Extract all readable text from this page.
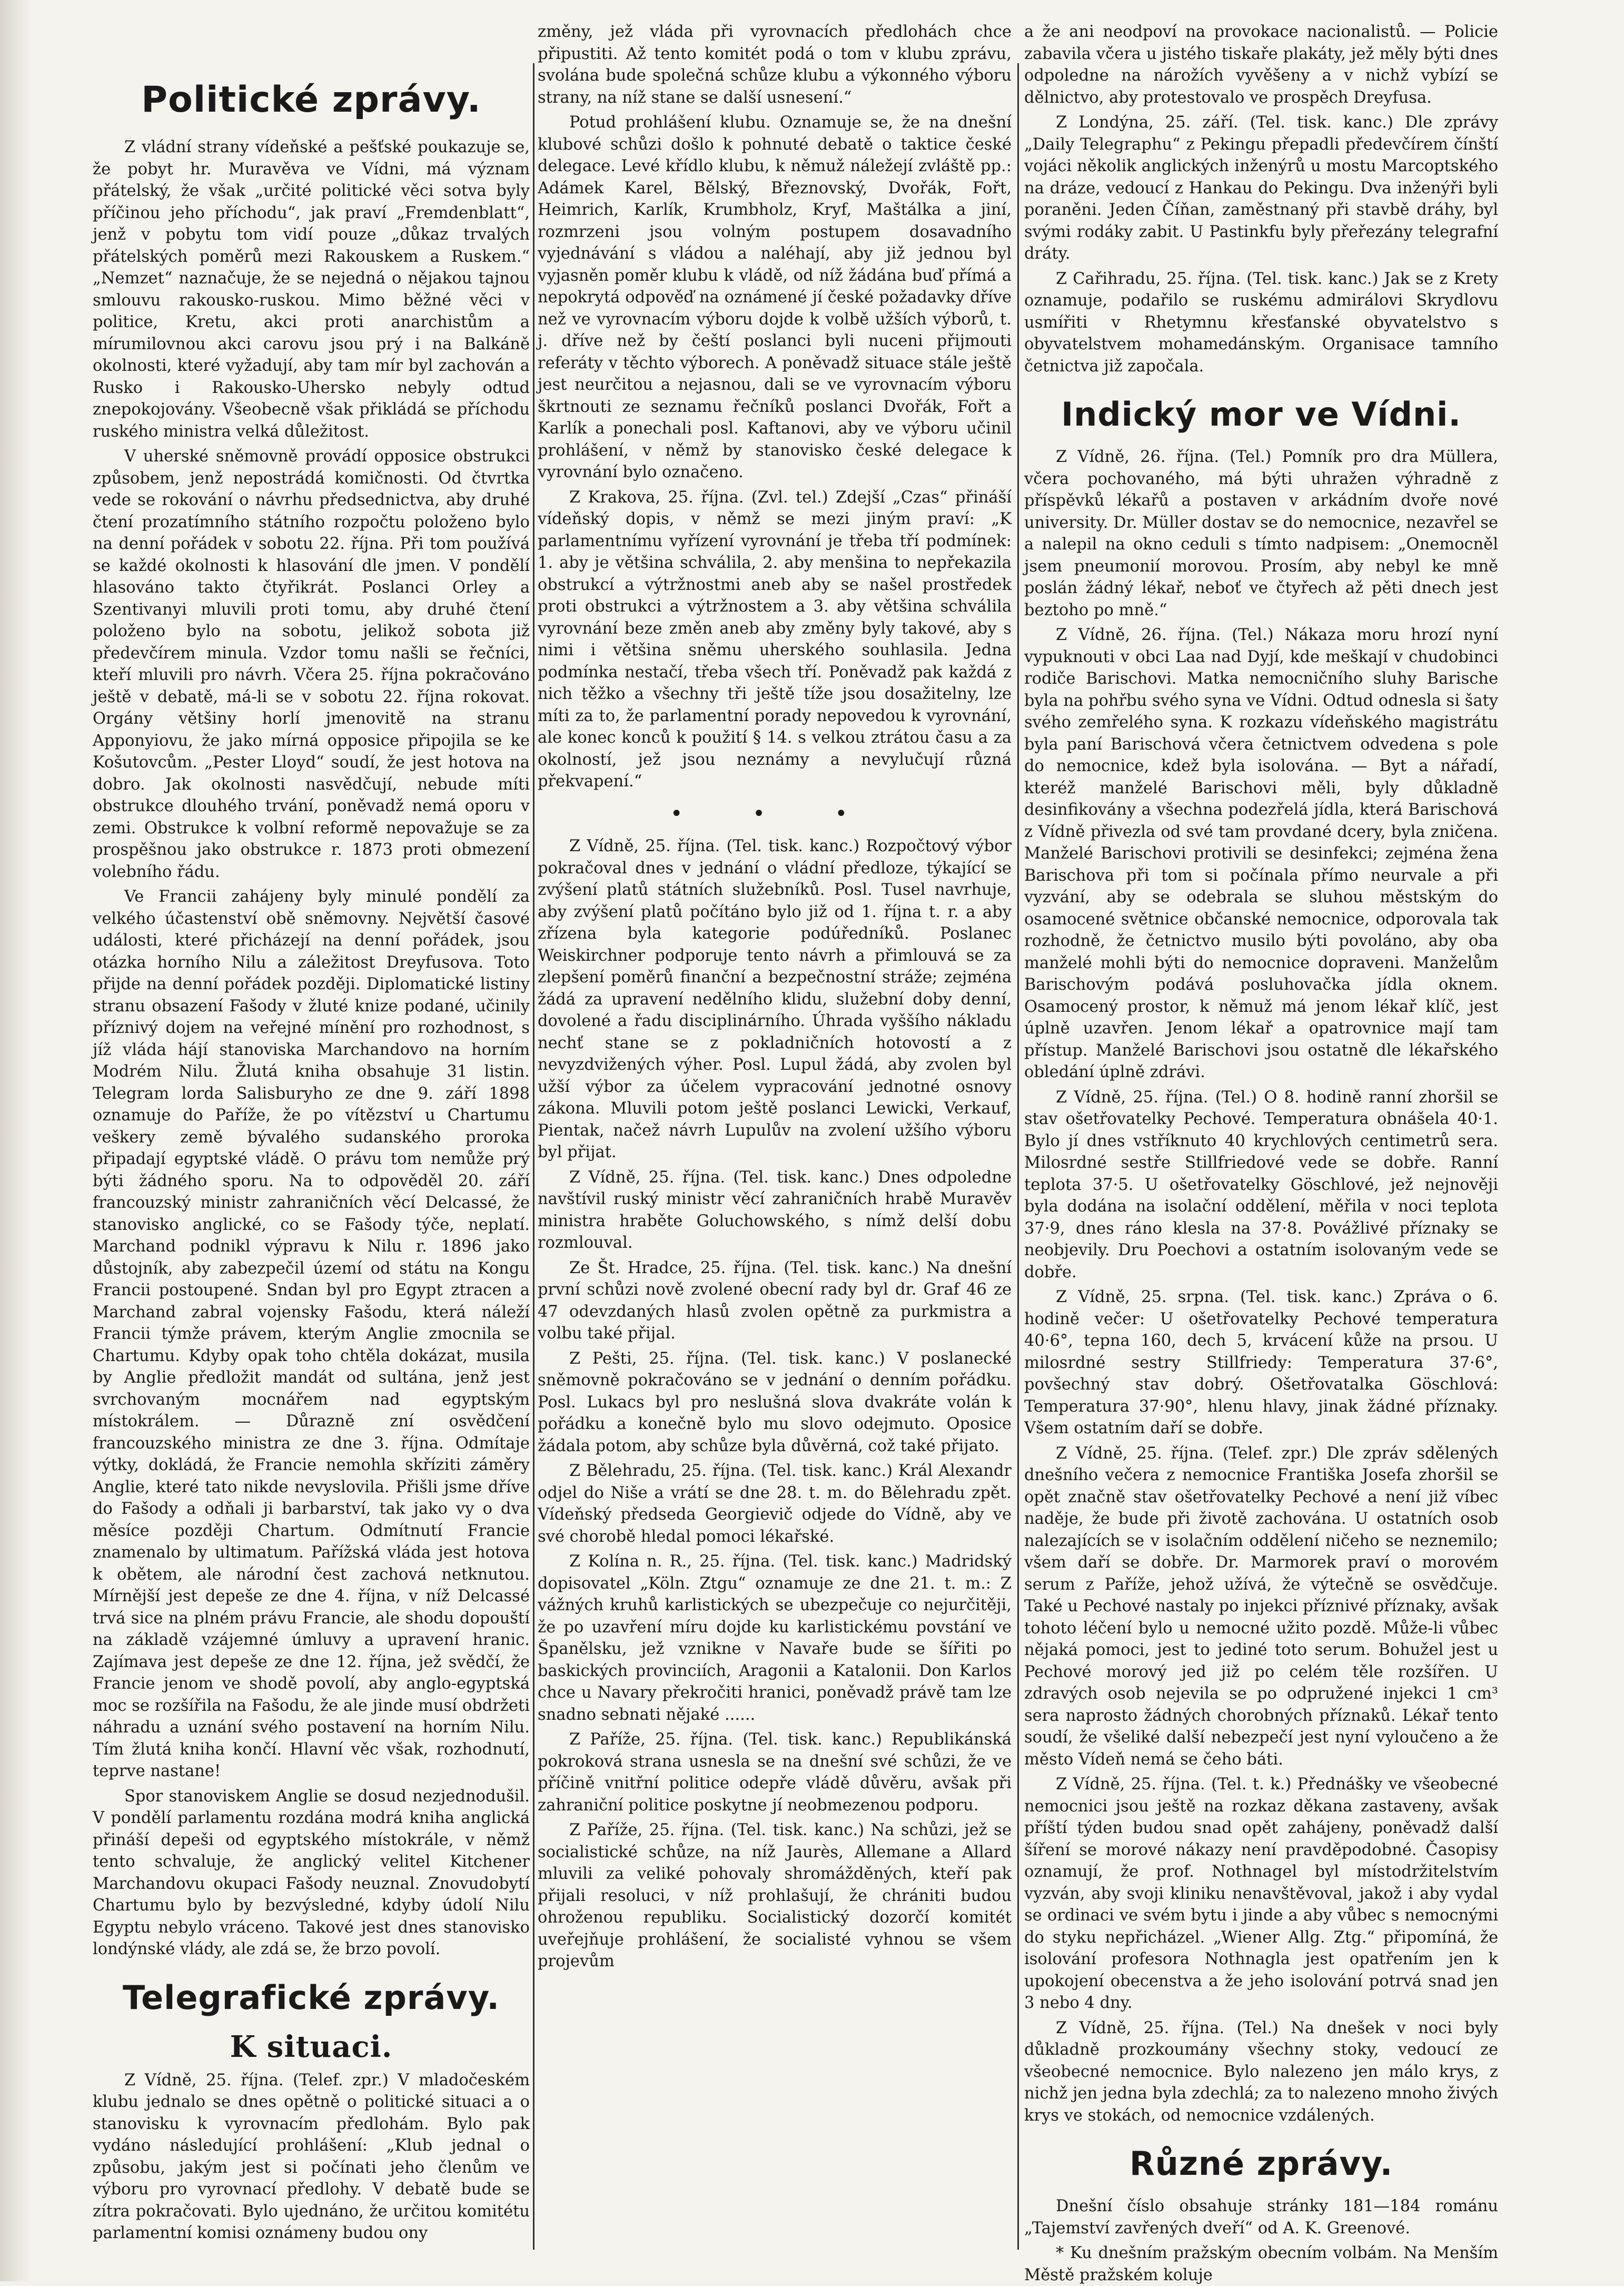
Politické zprávy.

Z vládní strany vídeňské a pešťské poukazuje se, že pobyt hr. Muravěva ve Vídni, má význam přátelský, že však „určité politické věci sotva byly příčinou jeho příchodu“, jak praví „Fremdenblatt“, jenž v pobytu tom vidí pouze „důkaz trvalých přátelských poměrů mezi Rakouskem a Ruskem.“ „Nemzet“ naznačuje, že se nejedná o nějakou tajnou smlouvu rakousko-ruskou. Mimo běžné věci v politice, Kretu, akci proti anarchistům a mírumilovnou akci carovu jsou prý i na Balkáně okolnosti, které vyžadují, aby tam mír byl zachován a Rusko i Rakousko-Uhersko nebyly odtud znepokojovány. Všeobecně však přikládá se příchodu ruského ministra velká důležitost.

V uherské sněmovně provádí opposice obstrukci způsobem, jenž nepostrádá komičnosti. Od čtvrtka vede se rokování o návrhu předsednictva, aby druhé čtení prozatímního státního rozpočtu položeno bylo na denní pořádek v sobotu 22. října. Při tom používá se každé okolnosti k hlasování dle jmen. V pondělí hlasováno takto čtyřikrát. Poslanci Orley a Szentivanyi mluvili proti tomu, aby druhé čtení položeno bylo na sobotu, jelikož sobota již předevčírem minula. Vzdor tomu našli se řečníci, kteří mluvili pro návrh. Včera 25. října pokračováno ještě v debatě, má-li se v sobotu 22. října rokovat. Orgány většiny horlí jmenovitě na stranu Apponyiovu, že jako mírná opposice připojila se ke Košutovcům. „Pester Lloyd“ soudí, že jest hotova na dobro. Jak okolnosti nasvědčují, nebude míti obstrukce dlouhého trvání, poněvadž nemá oporu v zemi. Obstrukce k volbní reformě nepovažuje se za prospěšnou jako obstrukce r. 1873 proti obmezení volebního řádu.

Ve Francii zahájeny byly minulé pondělí za velkého účastenství obě sněmovny. Největší časové události, které přicházejí na denní pořádek, jsou otázka horního Nilu a záležitost Dreyfusova. Toto přijde na denní pořádek později. Diplomatické listiny stranu obsazení Fašody v žluté knize podané, učinily příznivý dojem na veřejné mínění pro rozhodnost, s jíž vláda hájí stanoviska Marchandovo na horním Modrém Nilu. Žlutá kniha obsahuje 31 listin. Telegram lorda Salisburyho ze dne 9. září 1898 oznamuje do Paříže, že po vítězství u Chartumu veškery země bývalého sudanského proroka připadají egyptské vládě. O právu tom nemůže prý býti žádného sporu. Na to odpověděl 20. září francouzský ministr zahraničních věcí Delcassé, že stanovisko anglické, co se Fašody týče, neplatí. Marchand podnikl výpravu k Nilu r. 1896 jako důstojník, aby zabezpečil území od státu na Kongu Francii postoupené. Sndan byl pro Egypt ztracen a Marchand zabral vojensky Fašodu, která náleží Francii týmže právem, kterým Anglie zmocnila se Chartumu. Kdyby opak toho chtěla dokázat, musila by Anglie předložit mandát od sultána, jenž jest svrchovaným mocnářem nad egyptským místokrálem. — Důrazně zní osvědčení francouzského ministra ze dne 3. října. Odmítaje výtky, dokládá, že Francie nemohla skříziti záměry Anglie, které tato nikde nevyslovila. Přišli jsme dříve do Fašody a odňali ji barbarství, tak jako vy o dva měsíce později Chartum. Odmítnutí Francie znamenalo by ultimatum. Pařížská vláda jest hotova k obětem, ale národní čest zachová netknutou. Mírnější jest depeše ze dne 4. října, v níž Delcassé trvá sice na plném právu Francie, ale shodu dopouští na základě vzájemné úmluvy a upravení hranic. Zajímava jest depeše ze dne 12. října, jež svědčí, že Francie jenom ve shodě povolí, aby anglo-egyptská moc se rozšířila na Fašodu, že ale jinde musí obdržeti náhradu a uznání svého postavení na horním Nilu. Tím žlutá kniha končí. Hlavní věc však, rozhodnutí, teprve nastane!

Spor stanoviskem Anglie se dosud nezjednodušil. V pondělí parlamentu rozdána modrá kniha anglická přináší depeši od egyptského místokrále, v němž tento schvaluje, že anglický velitel Kitchener Marchandovu okupaci Fašody neuznal. Znovudobytí Chartumu bylo by bezvýsledné, kdyby údolí Nilu Egyptu nebylo vráceno. Takové jest dnes stanovisko londýnské vlády, ale zdá se, že brzo povolí.

Telegrafické zprávy.
K situaci.

Z Vídně, 25. října. (Telef. zpr.) V mladočeském klubu jednalo se dnes opětně o politické situaci a o stanovisku k vyrovnacím předlohám. Bylo pak vydáno následující prohlášení: „Klub jednal o způsobu, jakým jest si počínati jeho členům ve výboru pro vyrovnací předlohy. V debatě bude se zítra pokračovati. Bylo ujednáno, že určitou komitétu parlamentní komisi oznámeny budou ony

změny, jež vláda při vyrovnacích předlohách chce připustiti. Až tento komitét podá o tom v klubu zprávu, svolána bude společná schůze klubu a výkonného výboru strany, na níž stane se další usnesení.“

Potud prohlášení klubu. Oznamuje se, že na dnešní klubové schůzi došlo k pohnuté debatě o taktice české delegace. Levé křídlo klubu, k němuž náležejí zvláště pp.: Adámek Karel, Bělský, Březnovský, Dvořák, Fořt, Heimrich, Karlík, Krumbholz, Kryf, Maštálka a jiní, rozmrzeni jsou volným postupem dosavadního vyjednávání s vládou a naléhají, aby již jednou byl vyjasněn poměr klubu k vládě, od níž žádána buď přímá a nepokrytá odpověď na oznámené jí české požadavky dříve než ve vyrovnacím výboru dojde k volbě užších výborů, t. j. dříve než by čeští poslanci byli nuceni přijmouti referáty v těchto výborech. A poněvadž situace stále ještě jest neurčitou a nejasnou, dali se ve vyrovnacím výboru škrtnouti ze seznamu řečníků poslanci Dvořák, Fořt a Karlík a ponechali posl. Kaftanovi, aby ve výboru učinil prohlášení, v němž by stanovisko české delegace k vyrovnání bylo označeno.

Z Krakova, 25. října. (Zvl. tel.) Zdejší „Czas“ přináší vídeňský dopis, v němž se mezi jiným praví: „K parlamentnímu vyřízení vyrovnání je třeba tří podmínek: 1. aby je většina schválila, 2. aby menšina to nepřekazila obstrukcí a výtržnostmi aneb aby se našel prostředek proti obstrukci a výtržnostem a 3. aby většina schválila vyrovnání beze změn aneb aby změny byly takové, aby s nimi i většina sněmu uherského souhlasila. Jedna podmínka nestačí, třeba všech tří. Poněvadž pak každá z nich těžko a všechny tři ještě tíže jsou dosažitelny, lze míti za to, že parlamentní porady nepovedou k vyrovnání, ale konec konců k použití § 14. s velkou ztrátou času a za okolností, jež jsou neznámy a nevylučují různá překvapení.“

• • •

Z Vídně, 25. října. (Tel. tisk. kanc.) Rozpočtový výbor pokračoval dnes v jednání o vládní předloze, týkající se zvýšení platů státních služebníků. Posl. Tusel navrhuje, aby zvýšení platů počítáno bylo již od 1. října t. r. a aby zřízena byla kategorie podúředníků. Poslanec Weiskirchner podporuje tento návrh a přimlouvá se za zlepšení poměrů finanční a bezpečnostní stráže; zejména žádá za upravení nedělního klidu, služební doby denní, dovolené a řadu disciplinárního. Úhrada vyššího nákladu nechť stane se z pokladničních hotovostí a z nevyzdvižených výher. Posl. Lupul žádá, aby zvolen byl užší výbor za účelem vypracování jednotné osnovy zákona. Mluvili potom ještě poslanci Lewicki, Verkauf, Pientak, načež návrh Lupulův na zvolení užšího výboru byl přijat.

Z Vídně, 25. října. (Tel. tisk. kanc.) Dnes odpoledne navštívil ruský ministr věcí zahraničních hrabě Muravěv ministra hraběte Goluchowského, s nímž delší dobu rozmlouval.

Ze Št. Hradce, 25. října. (Tel. tisk. kanc.) Na dnešní první schůzi nově zvolené obecní rady byl dr. Graf 46 ze 47 odevzdaných hlasů zvolen opětně za purkmistra a volbu také přijal.

Z Pešti, 25. října. (Tel. tisk. kanc.) V poslanecké sněmovně pokračováno se v jednání o denním pořádku. Posl. Lukacs byl pro neslušná slova dvakráte volán k pořádku a konečně bylo mu slovo odejmuto. Oposice žádala potom, aby schůze byla důvěrná, což také přijato.

Z Bělehradu, 25. října. (Tel. tisk. kanc.) Král Alexandr odjel do Niše a vrátí se dne 28. t. m. do Bělehradu zpět. Vídeňský předseda Georgievič odjede do Vídně, aby ve své chorobě hledal pomoci lékařské.

Z Kolína n. R., 25. října. (Tel. tisk. kanc.) Madridský dopisovatel „Köln. Ztgu“ oznamuje ze dne 21. t. m.: Z vážných kruhů karlistických se ubezpečuje co nejurčitěji, že po uzavření míru dojde ku karlistickému povstání ve Španělsku, jež vznikne v Navaře bude se šířiti po baskických provinciích, Aragonii a Katalonii. Don Karlos chce u Navary překročiti hranici, poněvadž právě tam lze snadno sebnati nějaké ......

Z Paříže, 25. října. (Tel. tisk. kanc.) Republikánská pokroková strana usnesla se na dnešní své schůzi, že ve příčině vnitřní politice odepře vládě důvěru, avšak při zahraniční politice poskytne jí neobmezenou podporu.

Z Paříže, 25. října. (Tel. tisk. kanc.) Na schůzi, jež se socialistické schůze, na níž Jaurès, Allemane a Allard mluvili za veliké pohovaly shromážděných, kteří pak přijali resoluci, v níž prohlašují, že chrániti budou ohroženou republiku. Socialistický dozorčí komitét uveřejňuje prohlášení, že socialisté vyhnou se všem projevům

a že ani neodpoví na provokace nacionalistů. — Policie zabavila včera u jistého tiskaře plakáty, jež měly býti dnes odpoledne na nárožích vyvěšeny a v nichž vybízí se dělnictvo, aby protestovalo ve prospěch Dreyfusa.

Z Londýna, 25. září. (Tel. tisk. kanc.) Dle zprávy „Daily Telegraphu“ z Pekingu přepadli předevčírem čínští vojáci několik anglických inženýrů u mostu Marcoptského na dráze, vedoucí z Hankau do Pekingu. Dva inženýři byli poraněni. Jeden Číňan, zaměstnaný při stavbě dráhy, byl svými rodáky zabit. U Pastinkfu byly přeřezány telegrafní dráty.

Z Cařihradu, 25. října. (Tel. tisk. kanc.) Jak se z Krety oznamuje, podařilo se ruskému admirálovi Skrydlovu usmířiti v Rhetymnu křesťanské obyvatelstvo s obyvatelstvem mohamedánským. Organisace tamního četnictva již započala.

Indický mor ve Vídni.

Z Vídně, 26. října. (Tel.) Pomník pro dra Müllera, včera pochovaného, má býti uhražen výhradně z příspěvků lékařů a postaven v arkádním dvoře nové university. Dr. Müller dostav se do nemocnice, nezavřel se a nalepil na okno ceduli s tímto nadpisem: „Onemocněl jsem pneumonií morovou. Prosím, aby nebyl ke mně poslán žádný lékař, neboť ve čtyřech až pěti dnech jest beztoho po mně.“

Z Vídně, 26. října. (Tel.) Nákaza moru hrozí nyní vypuknouti v obci Laa nad Dyjí, kde meškají v chudobinci rodiče Barischovi. Matka nemocničního sluhy Barische byla na pohřbu svého syna ve Vídni. Odtud odnesla si šaty svého zemřelého syna. K rozkazu vídeňského magistrátu byla paní Barischová včera četnictvem odvedena s pole do nemocnice, kdež byla isolována. — Byt a nářadí, kteréž manželé Barischovi měli, byly důkladně desinfikovány a všechna podezřelá jídla, která Barischová z Vídně přivezla od své tam provdané dcery, byla zničena. Manželé Barischovi protivili se desinfekci; zejména žena Barischova při tom si počínala přímo neurvale a při vyzvání, aby se odebrala se sluhou městským do osamocené světnice občanské nemocnice, odporovala tak rozhodně, že četnictvo musilo býti povoláno, aby oba manželé mohli býti do nemocnice dopraveni. Manželům Barischovým podává posluhovačka jídla oknem. Osamocený prostor, k němuž má jenom lékař klíč, jest úplně uzavřen. Jenom lékař a opatrovnice mají tam přístup. Manželé Barischovi jsou ostatně dle lékařského obledání úplně zdrávi.

Z Vídně, 25. října. (Tel.) O 8. hodině ranní zhoršil se stav ošetřovatelky Pechové. Temperatura obnášela 40·1. Bylo jí dnes vstříknuto 40 krychlových centimetrů sera. Milosrdné sestře Stillfriedové vede se dobře. Ranní teplota 37·5. U ošetřovatelky Göschlové, jež nejnověji byla dodána na isolační oddělení, měřila v noci teplota 37·9, dnes ráno klesla na 37·8. Povážlivé příznaky se neobjevily. Dru Poechovi a ostatním isolovaným vede se dobře.

Z Vídně, 25. srpna. (Tel. tisk. kanc.) Zpráva o 6. hodině večer: U ošetřovatelky Pechové temperatura 40·6°, tepna 160, dech 5, krvácení kůže na prsou. U milosrdné sestry Stillfriedy: Temperatura 37·6°, povšechný stav dobrý. Ošetřovatalka Göschlová: Temperatura 37·90°, hlenu hlavy, jinak žádné příznaky. Všem ostatním daří se dobře.

Z Vídně, 25. října. (Telef. zpr.) Dle zpráv sdělených dnešního večera z nemocnice Františka Josefa zhoršil se opět značně stav ošetřovatelky Pechové a není již víbec naděje, že bude při životě zachována. U ostatních osob nalezajících se v isolačním oddělení ničeho se neznemilo; všem daří se dobře. Dr. Marmorek praví o morovém serum z Paříže, jehož užívá, že výtečně se osvědčuje. Také u Pechové nastaly po injekci příznivé příznaky, avšak tohoto léčení bylo u nemocné užito pozdě. Může-li vůbec nějaká pomoci, jest to jediné toto serum. Bohužel jest u Pechové morový jed již po celém těle rozšířen. U zdravých osob nejevila se po odpružené injekci 1 cm³ sera naprosto žádných chorobných příznaků. Lékař tento soudí, že všeliké další nebezpečí jest nyní vyloučeno a že město Vídeň nemá se čeho báti.

Z Vídně, 25. října. (Tel. t. k.) Přednášky ve všeobecné nemocnici jsou ještě na rozkaz děkana zastaveny, avšak příští týden budou snad opět zahájeny, poněvadž další šíření se morové nákazy není pravděpodobné. Časopisy oznamují, že prof. Nothnagel byl místodržitelstvím vyzván, aby svoji kliniku nenavštěvoval, jakož i aby vydal se ordinaci ve svém bytu i jinde a aby vůbec s nemocnými do styku nepřicházel. „Wiener Allg. Ztg.“ připomíná, že isolování profesora Nothnagla jest opatřením jen k upokojení obecenstva a že jeho isolování potrvá snad jen 3 nebo 4 dny.

Z Vídně, 25. října. (Tel.) Na dnešek v noci byly důkladně prozkoumány všechny stoky, vedoucí ze všeobecné nemocnice. Bylo nalezeno jen málo krys, z nichž jen jedna byla zdechlá; za to nalezeno mnoho živých krys ve stokách, od nemocnice vzdálených.

Různé zprávy.

Dnešní číslo obsahuje stránky 181—184 románu „Tajemství zavřených dveří“ od A. K. Greenové.

* Ku dnešním pražským obecním volbám. Na Menším Městě pražském koluje
